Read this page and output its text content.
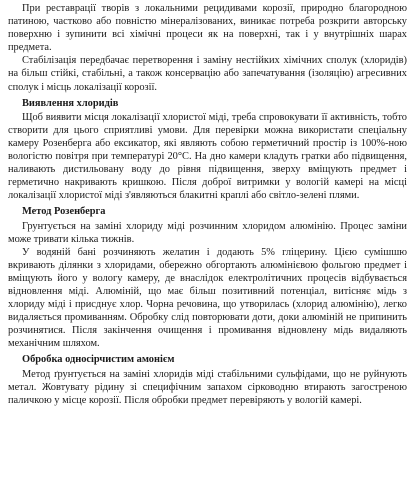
При реставрації творів з локальними рецидивами корозії, природно благородною патиною, частково або повністю мінералізованих, виникає потреба розкрити авторську поверхню і зупинити всі хімічні процеси як на поверхні, так і у внутрішніх шарах предмета.

Стабілізація передбачає перетворення і заміну нестійких хімічних сполук (хлоридів) на більш стійкі, стабільні, а також консервацію або запечатування (ізоляцію) агресивних сполук і місць локалізації корозії.

Виявлення хлоридів

Щоб виявити місця локалізації хлористої міді, треба спровокувати її активність, тобто створити для цього сприятливі умови. Для перевірки можна використати спеціальну камеру Розенберга або ексикатор, які являють собою герметичний простір із 100%-ною вологістю повітря при температурі 20°С. На дно камери кладуть гратки або підвищення, наливають дистильовану воду до рівня підвищення, зверху вміщують предмет і герметично накривають кришкою. Після доброї витримки у вологій камері на місці локалізації хлористої міді з'являються блакитні краплі або світло-зелені плями.

Метод Розенберга

Грунтується на заміні хлориду міді розчинним хлоридом алюмінію. Процес заміни може тривати кілька тижнів.

У водяній бані розчиняють желатин і додають 5% гліцерину. Цією сумішшю вкривають ділянки з хлоридами, обережно обгортають алюмінієвою фольгою предмет і вміщують його у вологу камеру, де внаслідок електролітичних процесів відбувається відновлення міді. Алюміній, що має більш позитивний потенціал, витісняє мідь з хлориду міді і присднує хлор. Чорна речовина, що утворилась (хлорид алюмінію), легко видаляється промиванням. Обробку слід повторювати доти, доки алюміній не припинить розчинятися. Після закінчення очищення і промивання відновлену мідь видаляють механічним шляхом.

Обробка односірчистим амонієм

Метод ґрунтується на заміні хлоридів міді стабільними сульфідами, що не руйнують метал. Жовтувату рідину зі специфічним запахом сірководню втирають загостреною паличкою у місце корозії. Після обробки предмет перевіряють у вологій камері.
